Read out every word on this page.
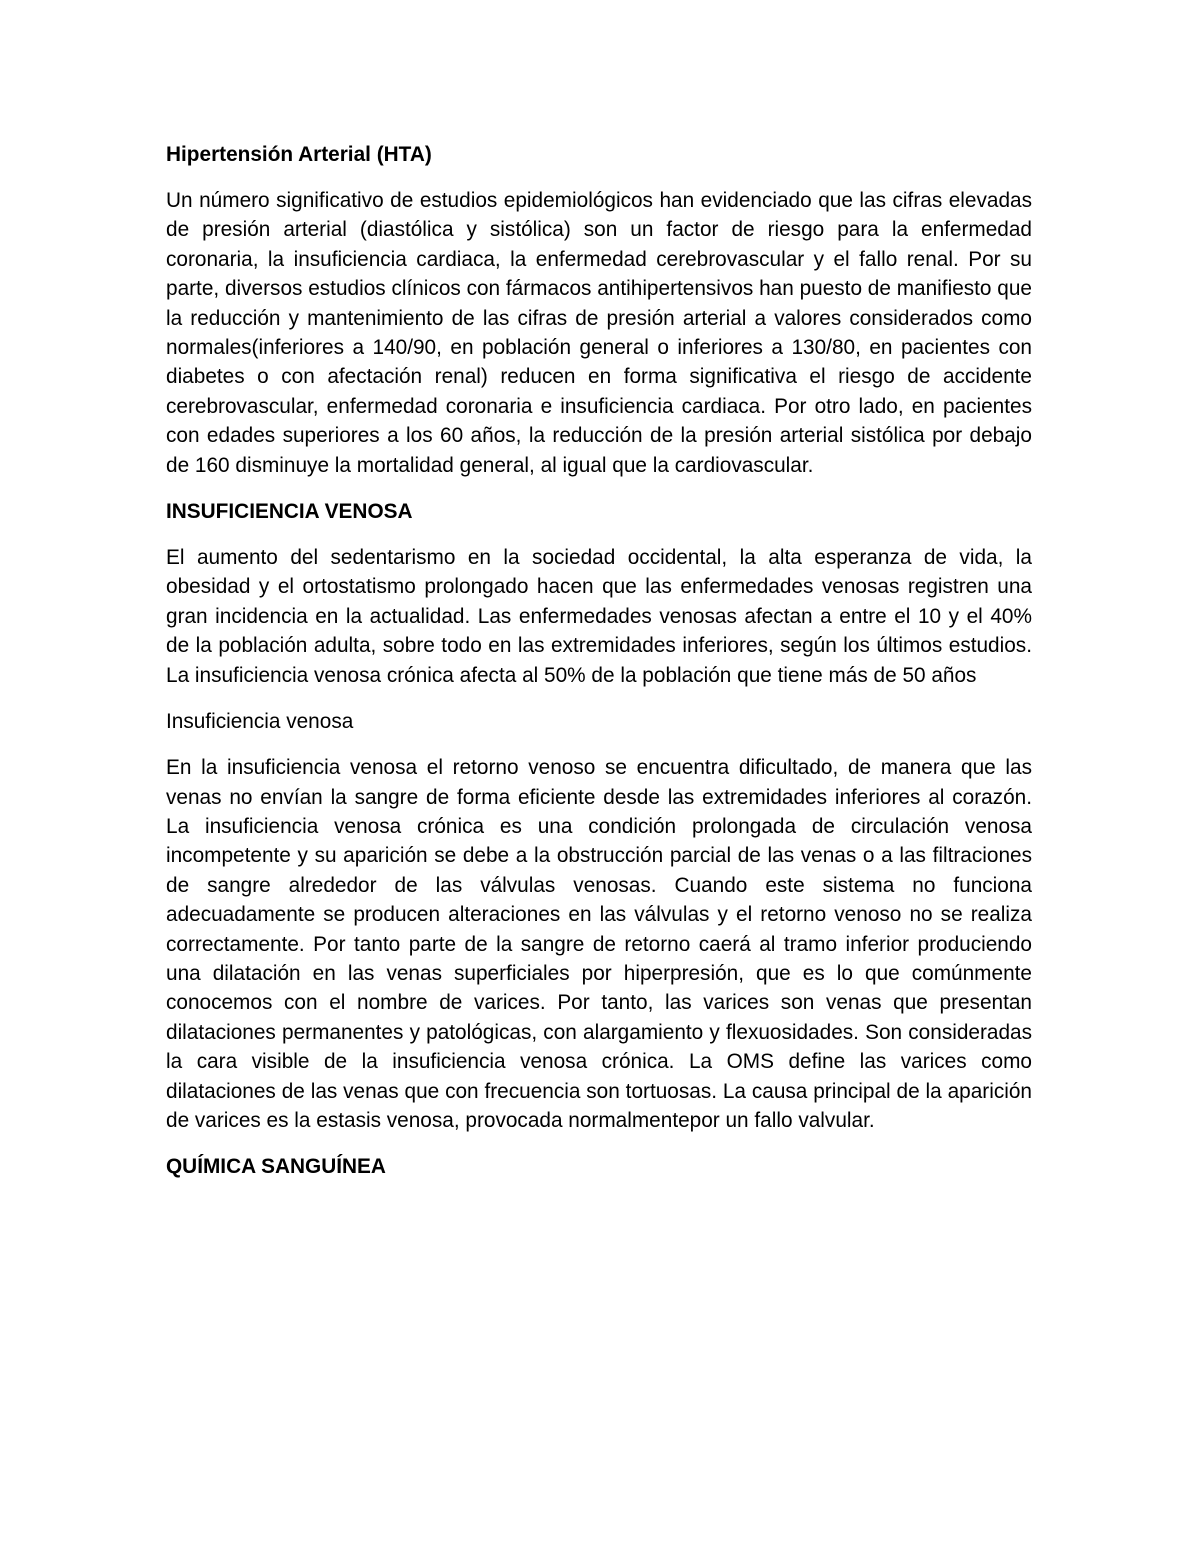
Hipertensión Arterial (HTA)
Un número significativo de estudios epidemiológicos han evidenciado que las cifras elevadas de presión arterial (diastólica y sistólica) son un factor de riesgo para la enfermedad coronaria, la insuficiencia cardiaca, la enfermedad cerebrovascular y el fallo renal. Por su parte, diversos estudios clínicos con fármacos antihipertensivos han puesto de manifiesto que la reducción y mantenimiento de las cifras de presión arterial a valores considerados como normales(inferiores a 140/90, en población general o inferiores a 130/80, en pacientes con diabetes o con afectación renal) reducen en forma significativa el riesgo de accidente cerebrovascular, enfermedad coronaria e insuficiencia cardiaca. Por otro lado, en pacientes con edades superiores a los 60 años, la reducción de la presión arterial sistólica por debajo de 160 disminuye la mortalidad general, al igual que la cardiovascular.
INSUFICIENCIA VENOSA
El aumento del sedentarismo en la sociedad occidental, la alta esperanza de vida, la obesidad y el ortostatismo prolongado hacen que las enfermedades venosas registren una gran incidencia en la actualidad. Las enfermedades venosas afectan a entre el 10 y el 40% de la población adulta, sobre todo en las extremidades inferiores, según los últimos estudios. La insuficiencia venosa crónica afecta al 50% de la población que tiene más de 50 años
Insuficiencia venosa
En la insuficiencia venosa el retorno venoso se encuentra dificultado, de manera que las venas no envían la sangre de forma eficiente desde las extremidades inferiores al corazón. La insuficiencia venosa crónica es una condición prolongada de circulación venosa incompetente y su aparición se debe a la obstrucción parcial de las venas o a las filtraciones de sangre alrededor de las válvulas venosas. Cuando este sistema no funciona adecuadamente se producen alteraciones en las válvulas y el retorno venoso no se realiza correctamente. Por tanto parte de la sangre de retorno caerá al tramo inferior produciendo una dilatación en las venas superficiales por hiperpresión, que es lo que comúnmente conocemos con el nombre de varices. Por tanto, las varices son venas que presentan dilataciones permanentes y patológicas, con alargamiento y flexuosidades. Son consideradas la cara visible de la insuficiencia venosa crónica. La OMS define las varices como dilataciones de las venas que con frecuencia son tortuosas. La causa principal de la aparición de varices es la estasis venosa, provocada normalmentepor un fallo valvular.
QUÍMICA SANGUÍNEA
